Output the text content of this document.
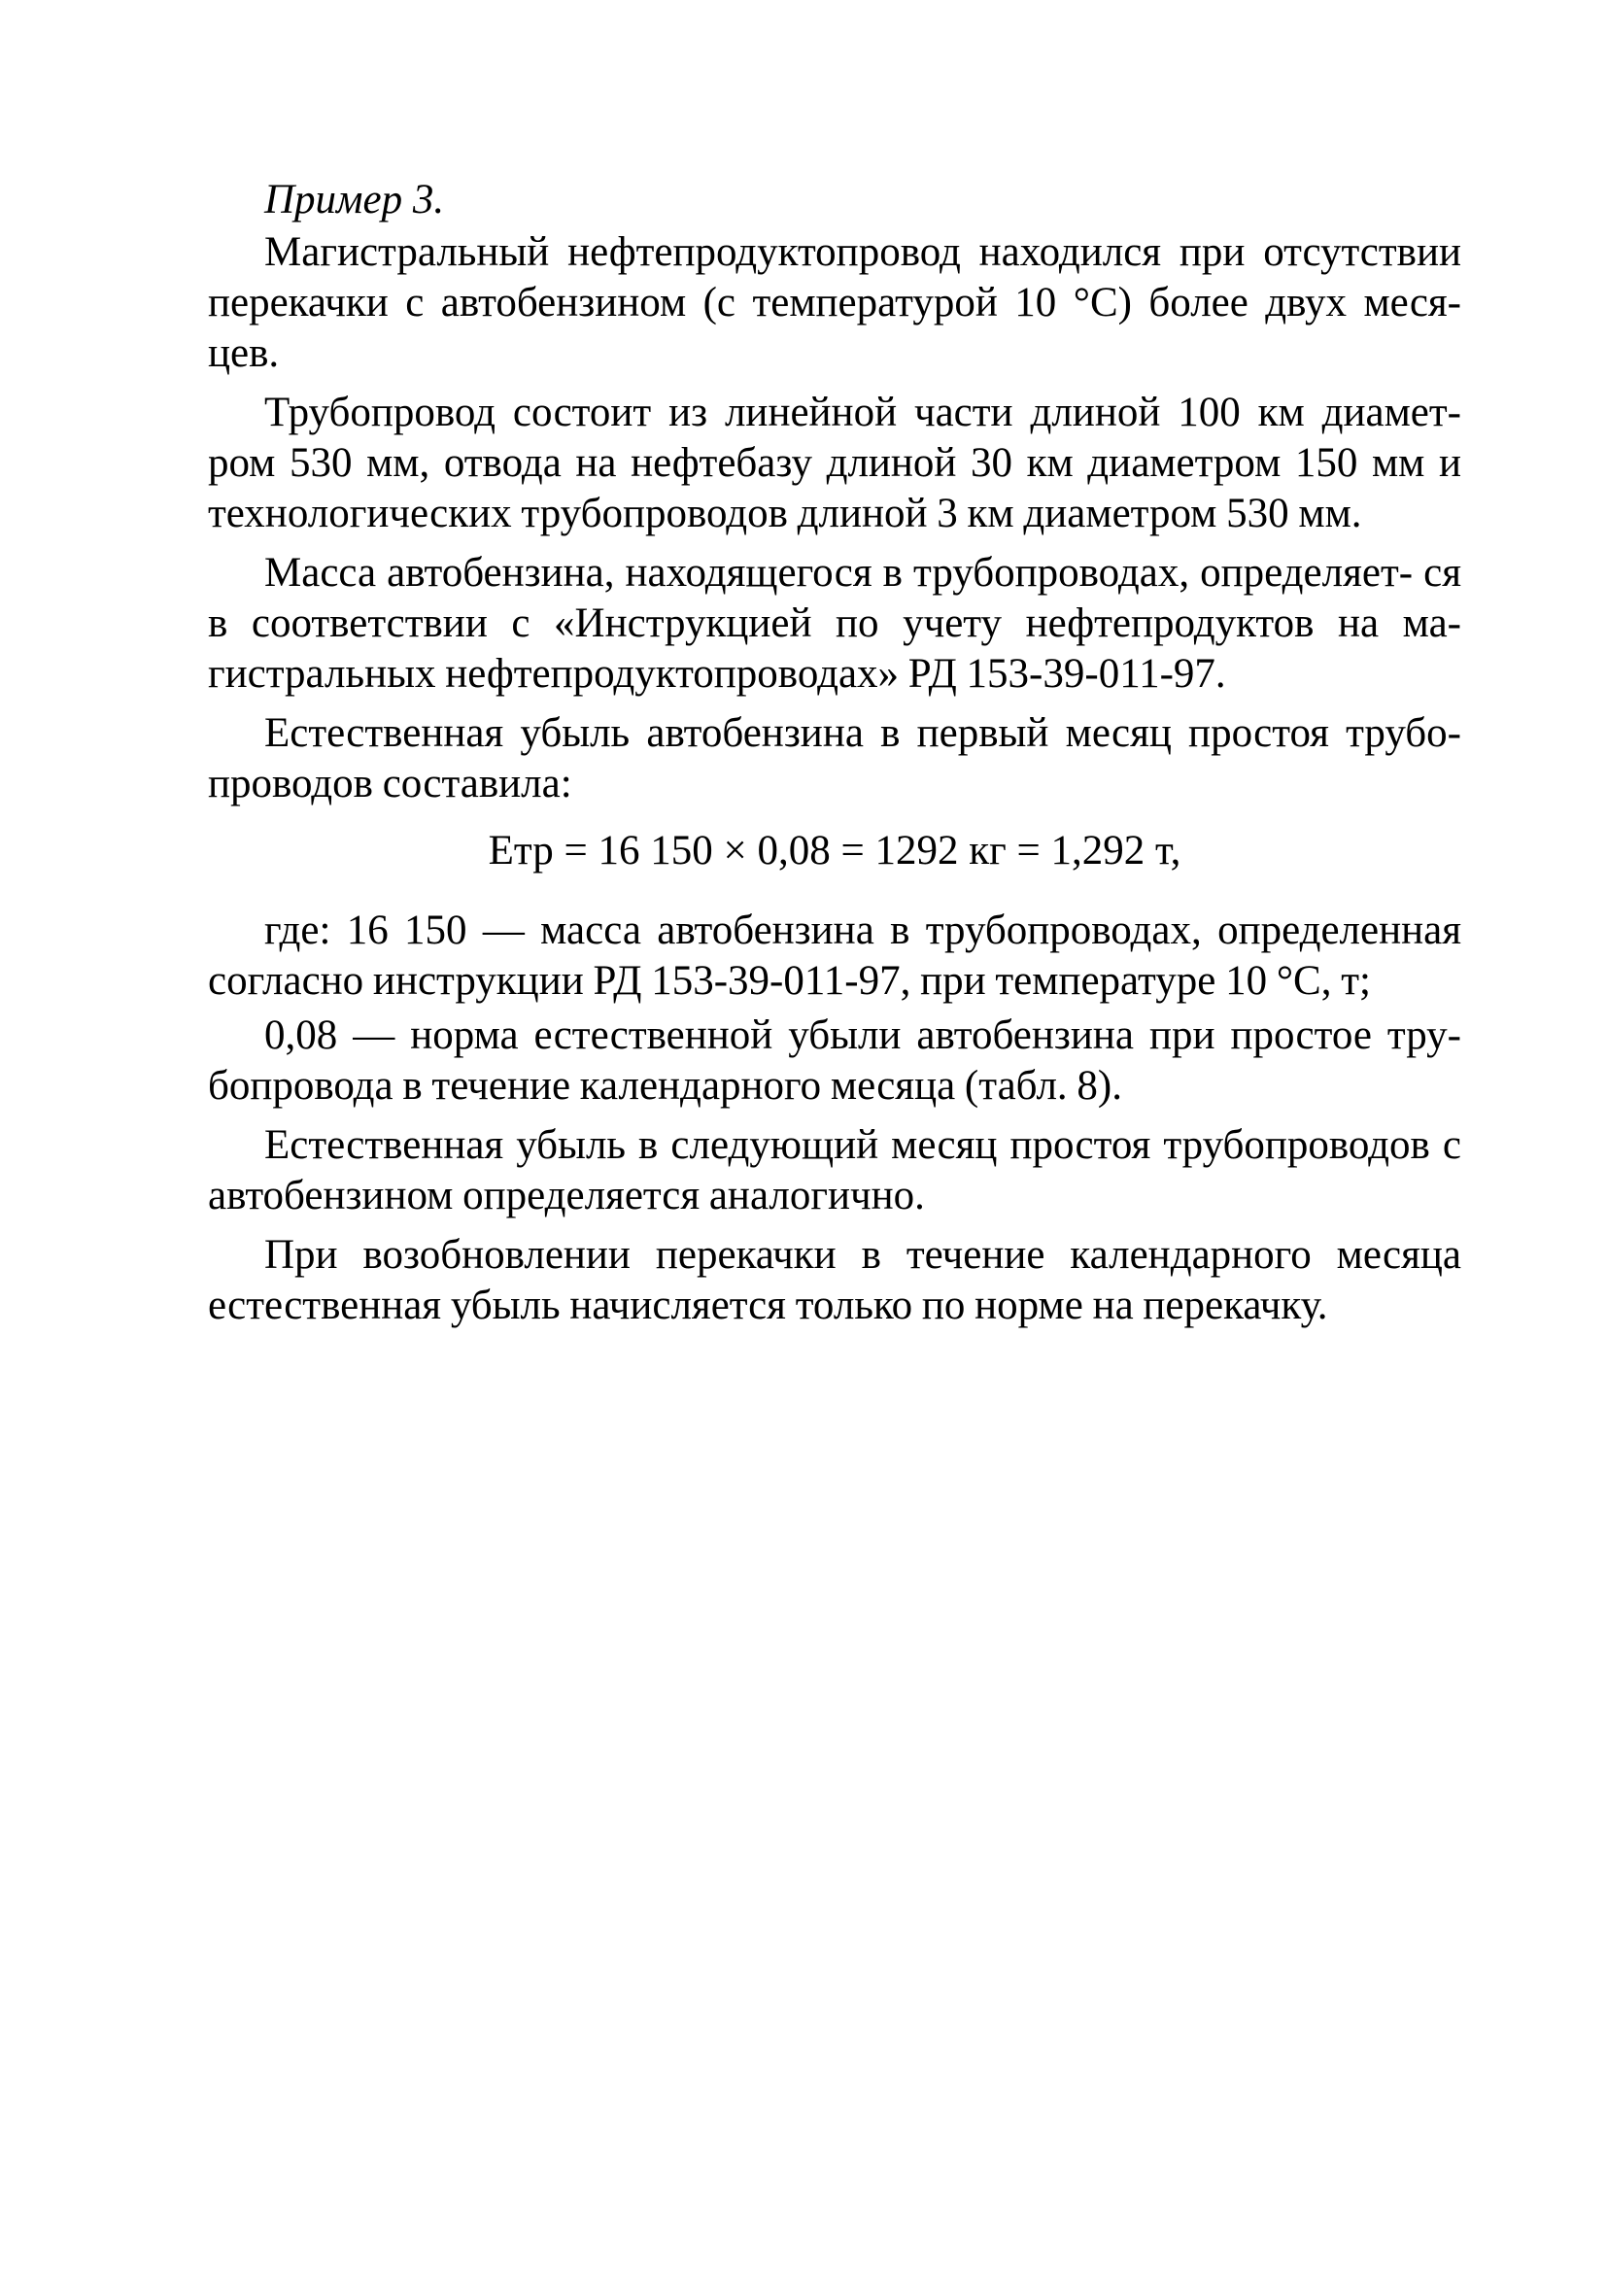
Пример 3.

Магистральный нефтепродуктопровод находился при отсутствии перекачки с автобензином (с температурой 10 °С) более двух меся- цев.

Трубопровод состоит из линейной части длиной 100 км диамет- ром 530 мм, отвода на нефтебазу длиной 30 км диаметром 150 мм и технологических трубопроводов длиной 3 км диаметром 530 мм.

Масса автобензина, находящегося в трубопроводах, определяет- ся в соответствии с «Инструкцией по учету нефтепродуктов на ма- гистральных нефтепродуктопроводах» РД 153-39-011-97.

Естественная убыль автобензина в первый месяц простоя трубо- проводов составила:

Етр = 16 150 × 0,08 = 1292 кг = 1,292 т,

где: 16 150 — масса автобензина в трубопроводах, определенная согласно инструкции РД 153-39-011-97, при температуре 10 °С, т;

0,08 — норма естественной убыли автобензина при простое тру- бопровода в течение календарного месяца (табл. 8).

Естественная убыль в следующий месяц простоя трубопроводов с автобензином определяется аналогично.

При возобновлении перекачки в течение календарного месяца естественная убыль начисляется только по норме на перекачку.
